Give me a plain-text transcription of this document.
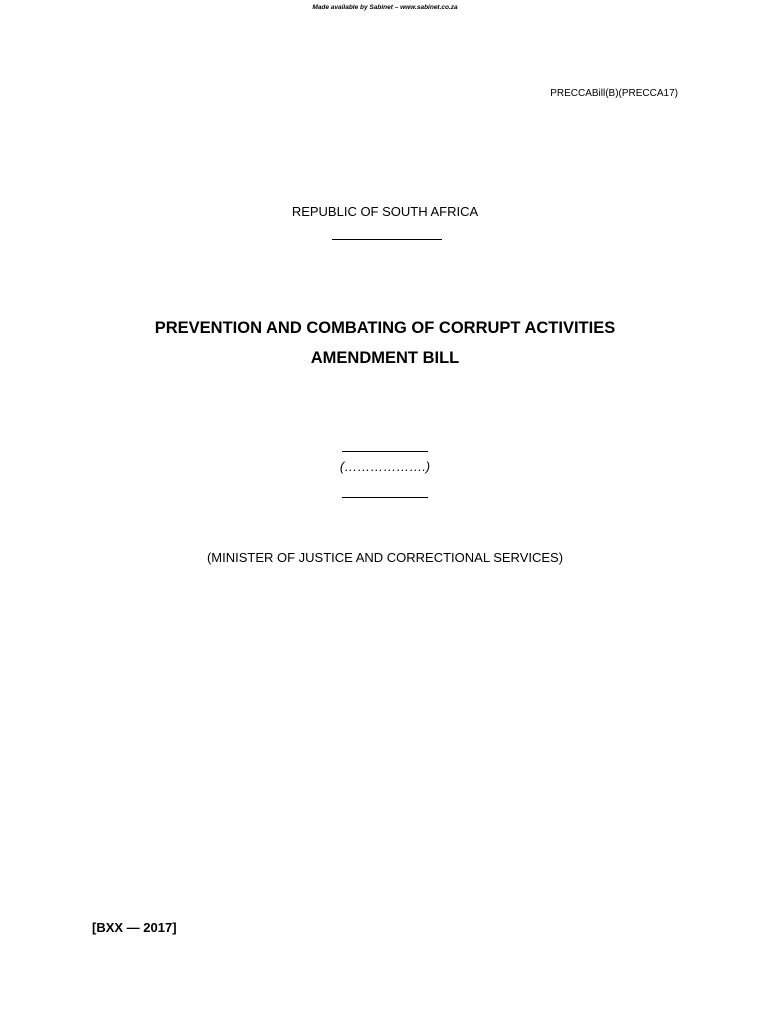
Made available by Sabinet – www.sabinet.co.za
PRECCABill(B)(PRECCA17)
REPUBLIC OF SOUTH AFRICA
PREVENTION AND COMBATING OF CORRUPT ACTIVITIES
AMENDMENT BILL
(……………….)
(MINISTER OF JUSTICE AND CORRECTIONAL SERVICES)
[BXX — 2017]
